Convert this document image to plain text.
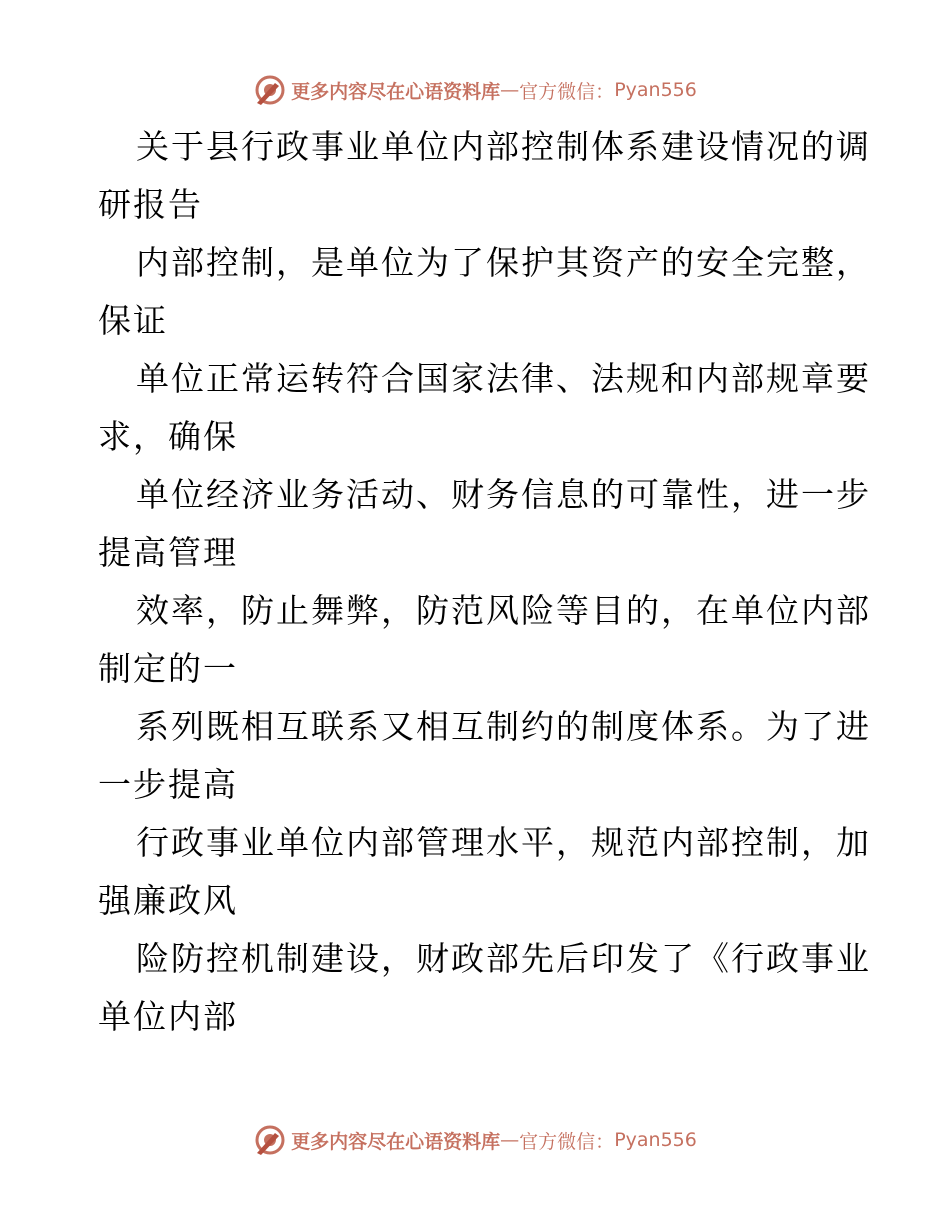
更多内容尽在心语资料库 — 官方微信： Pyan556
关于县行政事业单位内部控制体系建设情况的调
研报告
内部控制，是单位为了保护其资产的安全完整，
保证
单位正常运转符合国家法律、法规和内部规章要
求，确保
单位经济业务活动、财务信息的可靠性，进一步
提高管理
效率，防止舞弊，防范风险等目的，在单位内部
制定的一
系列既相互联系又相互制约的制度体系。为了进
一步提高
行政事业单位内部管理水平，规范内部控制，加
强廉政风
险防控机制建设，财政部先后印发了《行政事业
单位内部
更多内容尽在心语资料库 — 官方微信： Pyan556
